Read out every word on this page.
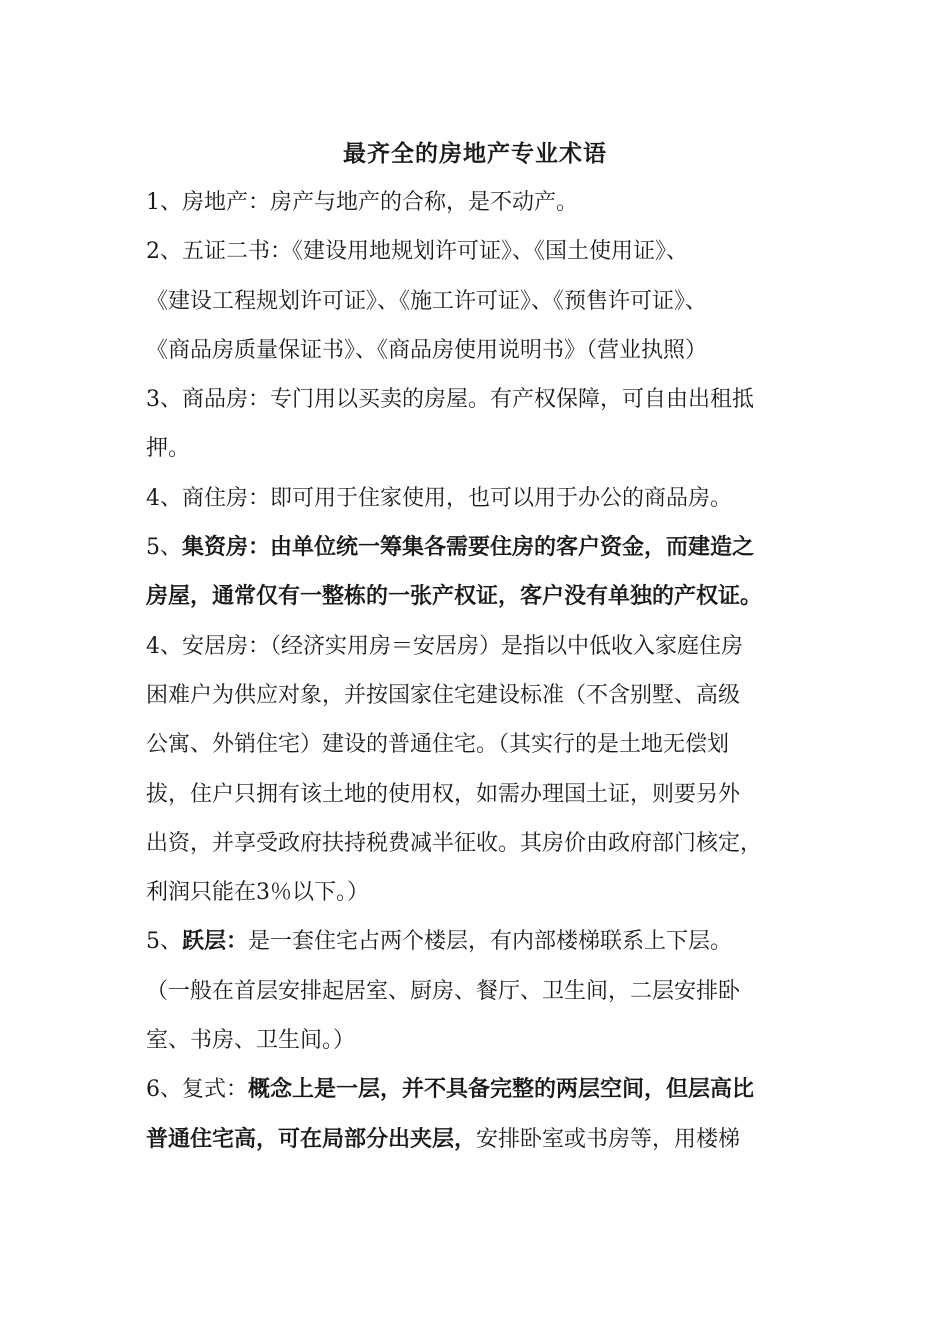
最齐全的房地产专业术语
1、房地产：房产与地产的合称，是不动产。
2、五证二书：《建设用地规划许可证》、《国土使用证》、
《建设工程规划许可证》、《施工许可证》、《预售许可证》、
《商品房质量保证书》、《商品房使用说明书》（营业执照）
3、商品房：专门用以买卖的房屋。有产权保障，可自由出租抵
押。
4、商住房：即可用于住家使用，也可以用于办公的商品房。
5、集资房：由单位统一筹集各需要住房的客户资金，而建造之
房屋，通常仅有一整栋的一张产权证，客户没有单独的产权证。
4、安居房：（经济实用房＝安居房）是指以中低收入家庭住房
困难户为供应对象，并按国家住宅建设标准（不含别墅、高级
公寓、外销住宅）建设的普通住宅。（其实行的是土地无偿划
拔，住户只拥有该土地的使用权，如需办理国土证，则要另外
出资，并享受政府扶持税费减半征收。其房价由政府部门核定，
利润只能在3％以下。）
5、跃层：是一套住宅占两个楼层，有内部楼梯联系上下层。
（一般在首层安排起居室、厨房、餐厅、卫生间，二层安排卧
室、书房、卫生间。）
6、复式：概念上是一层，并不具备完整的两层空间，但层高比
普通住宅高，可在局部分出夹层，安排卧室或书房等，用楼梯
